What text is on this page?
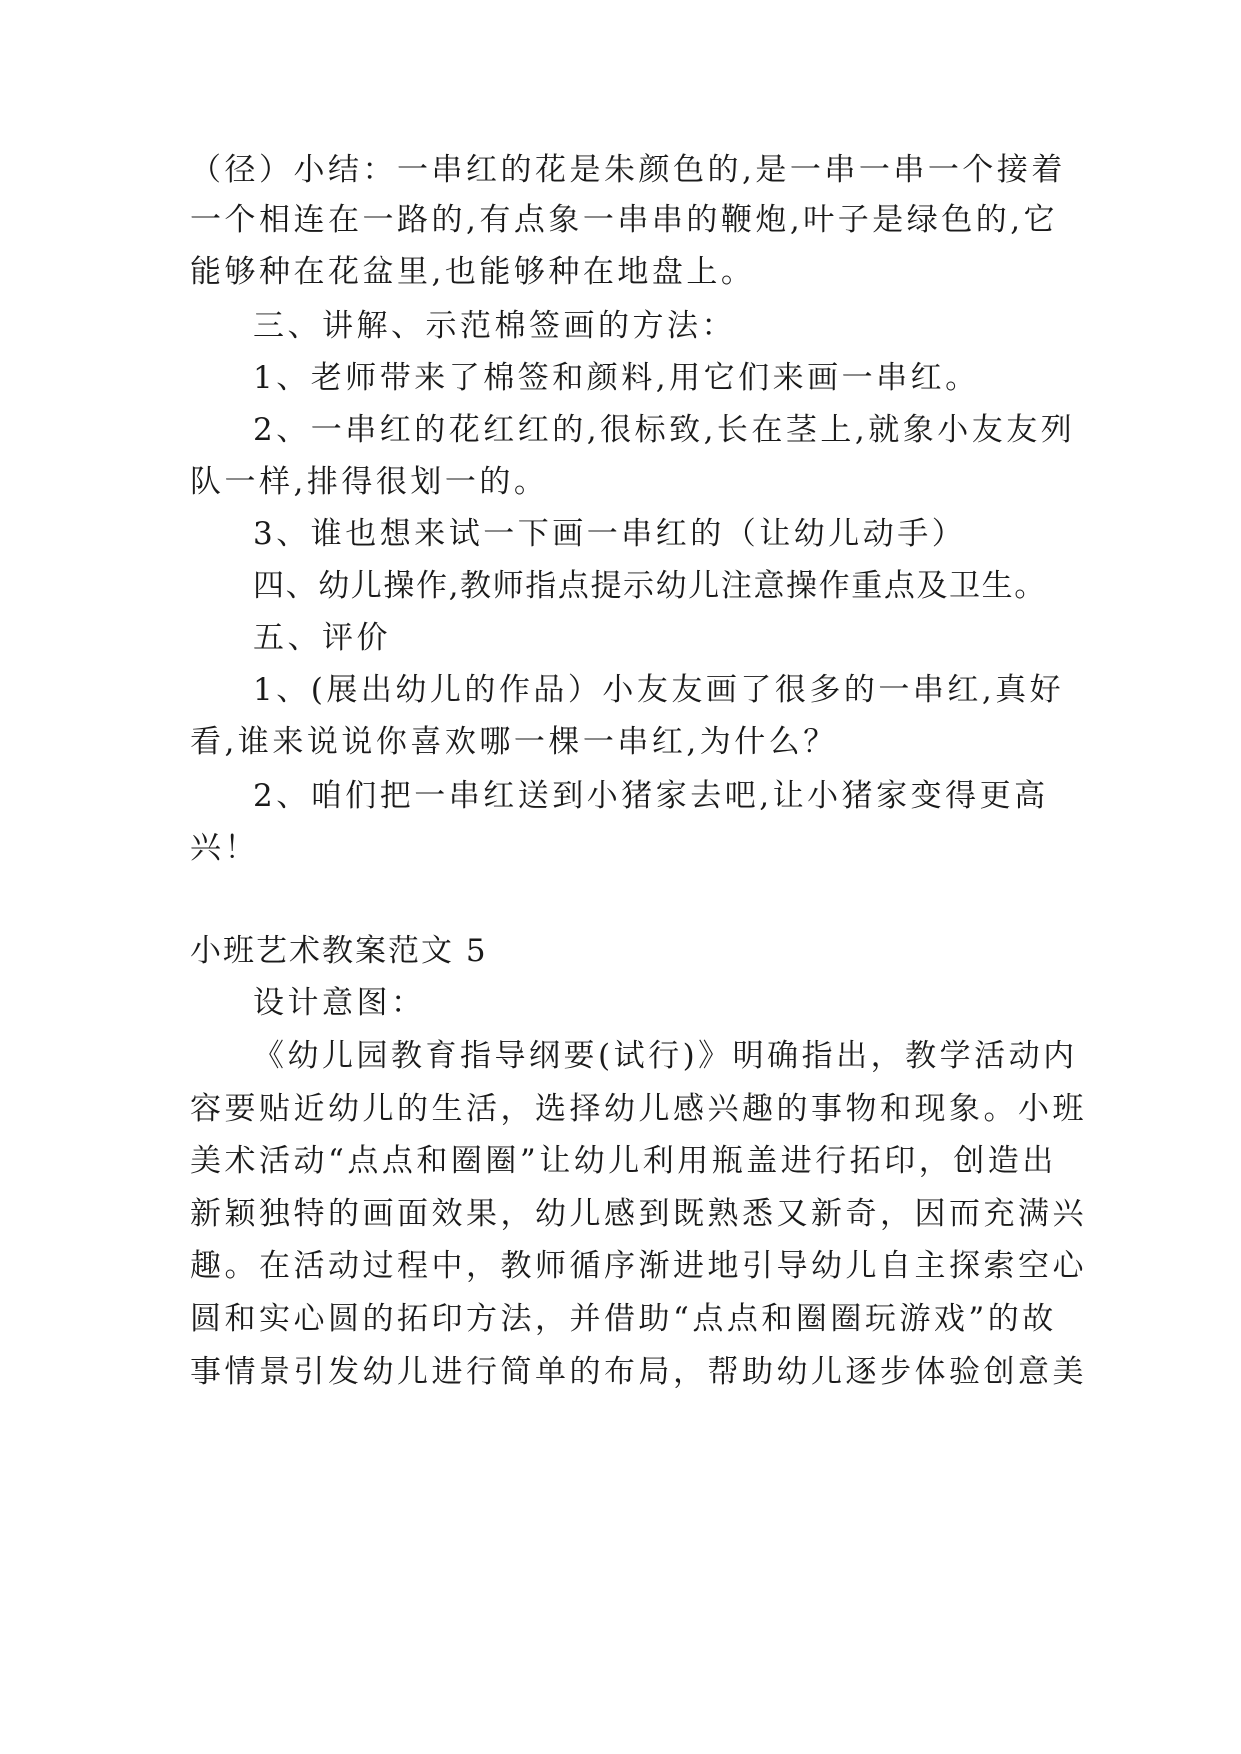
（径）小结：一串红的花是朱颜色的,是一串一串一个接着
一个相连在一路的,有点象一串串的鞭炮,叶子是绿色的,它
能够种在花盆里,也能够种在地盘上。
三、讲解、示范棉签画的方法：
1、老师带来了棉签和颜料,用它们来画一串红。
2、一串红的花红红的,很标致,长在茎上,就象小友友列
队一样,排得很划一的。
3、谁也想来试一下画一串红的（让幼儿动手）
四、幼儿操作,教师指点提示幼儿注意操作重点及卫生。
五、评价
1、(展出幼儿的作品）小友友画了很多的一串红,真好
看,谁来说说你喜欢哪一棵一串红,为什么？
2、咱们把一串红送到小猪家去吧,让小猪家变得更高
兴！
小班艺术教案范文 5
设计意图：
《幼儿园教育指导纲要(试行)》明确指出，教学活动内
容要贴近幼儿的生活，选择幼儿感兴趣的事物和现象。小班
美术活动“点点和圈圈”让幼儿利用瓶盖进行拓印，创造出
新颖独特的画面效果，幼儿感到既熟悉又新奇，因而充满兴
趣。在活动过程中，教师循序渐进地引导幼儿自主探索空心
圆和实心圆的拓印方法，并借助“点点和圈圈玩游戏”的故
事情景引发幼儿进行简单的布局，帮助幼儿逐步体验创意美
